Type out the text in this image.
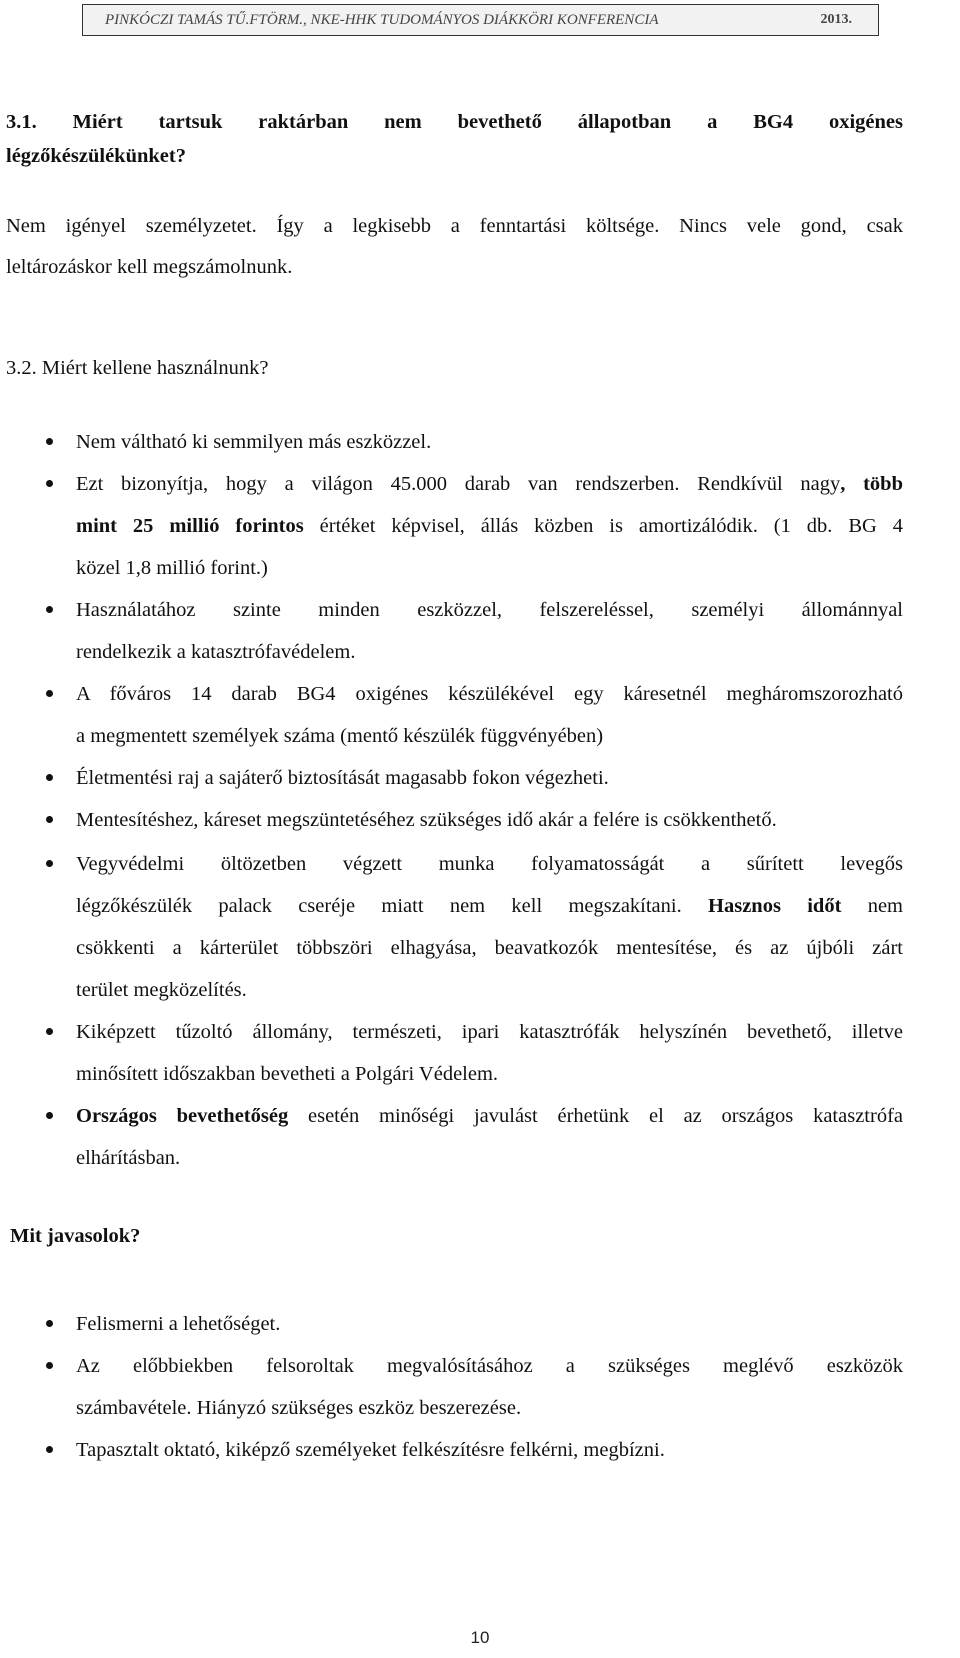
PINKÓCZI TAMÁS TŰ.FTÖRM., NKE-HHK TUDOMÁNYOS DIÁKKÖRI KONFERENCIA	2013.
3.1. Miért tartsuk raktárban nem bevethető állapotban a BG4 oxigénes
légzőkészülékünket?
Nem igényel személyzetet. Így a legkisebb a fenntartási költsége. Nincs vele gond, csak
leltározáskor kell megszámolnunk.
3.2. Miért kellene használnunk?
Nem váltható ki semmilyen más eszközzel.
Ezt bizonyítja, hogy a világon 45.000 darab van rendszerben. Rendkívül nagy, több
mint 25 millió forintos értéket képvisel, állás közben is amortizálódik. (1 db. BG 4
közel 1,8 millió forint.)
Használatához szinte minden eszközzel, felszereléssel, személyi állománnyal
rendelkezik a katasztrófavédelem.
A főváros 14 darab BG4 oxigénes készülékével egy káresetnél megháromszorozható
a megmentett személyek száma (mentő készülék függvényében)
Életmentési raj a sajáterő biztosítását magasabb fokon végezheti.
Mentesítéshez, káreset megszüntetéséhez szükséges idő akár a felére is csökkenthető.
Vegyvédelmi öltözetben végzett munka folyamatosságát a sűrített levegős
légzőkészülék palack cseréje miatt nem kell megszakítani. Hasznos időt nem
csökkenti a kárterület többszöri elhagyása, beavatkozók mentesítése, és az újbóli zárt
terület megközelítés.
Kiképzett tűzoltó állomány, természeti, ipari katasztrófák helyszínén bevethető, illetve
minősített időszakban bevetheti a Polgári Védelem.
Országos bevethetőség esetén minőségi javulást érhetünk el az országos katasztrófa
elhárításban.
Mit javasolok?
Felismerni a lehetőséget.
Az előbbiekben felsoroltak megvalósításához a szükséges meglévő eszközök
számbavétele. Hiányzó szükséges eszköz beszerezése.
Tapasztalt oktató, kiképző személyeket felkészítésre felkérni, megbízni.
10
